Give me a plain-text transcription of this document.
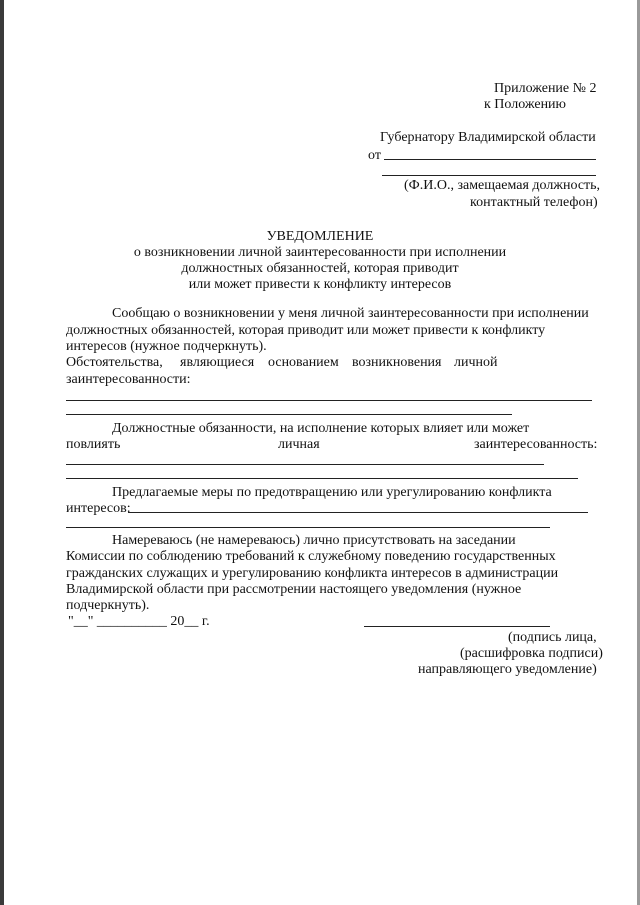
Приложение № 2
к Положению
Губернатору Владимирской области
от
(Ф.И.О., замещаемая должность,
контактный телефон)
УВЕДОМЛЕНИЕ
о возникновении личной заинтересованности при исполнении
должностных обязанностей, которая приводит
или может привести к конфликту интересов
Сообщаю о возникновении у меня личной заинтересованности при исполнении
должностных обязанностей, которая приводит или может привести к конфликту
интересов (нужное подчеркнуть).
Обстоятельства, являющиеся основанием возникновения личной
заинтересованности:
Должностные обязанности, на исполнение которых влияет или может
повлиять	личная	заинтересованность:
Предлагаемые меры по предотвращению или урегулированию конфликта
интересов:
Намереваюсь (не намереваюсь) лично присутствовать на заседании
Комиссии по соблюдению требований к служебному поведению государственных
гражданских служащих и урегулированию конфликта интересов в администрации
Владимирской области при рассмотрении настоящего уведомления (нужное
подчеркнуть).
"__" __________ 20__ г.
(подпись лица,
(расшифровка подписи)
направляющего уведомление)
